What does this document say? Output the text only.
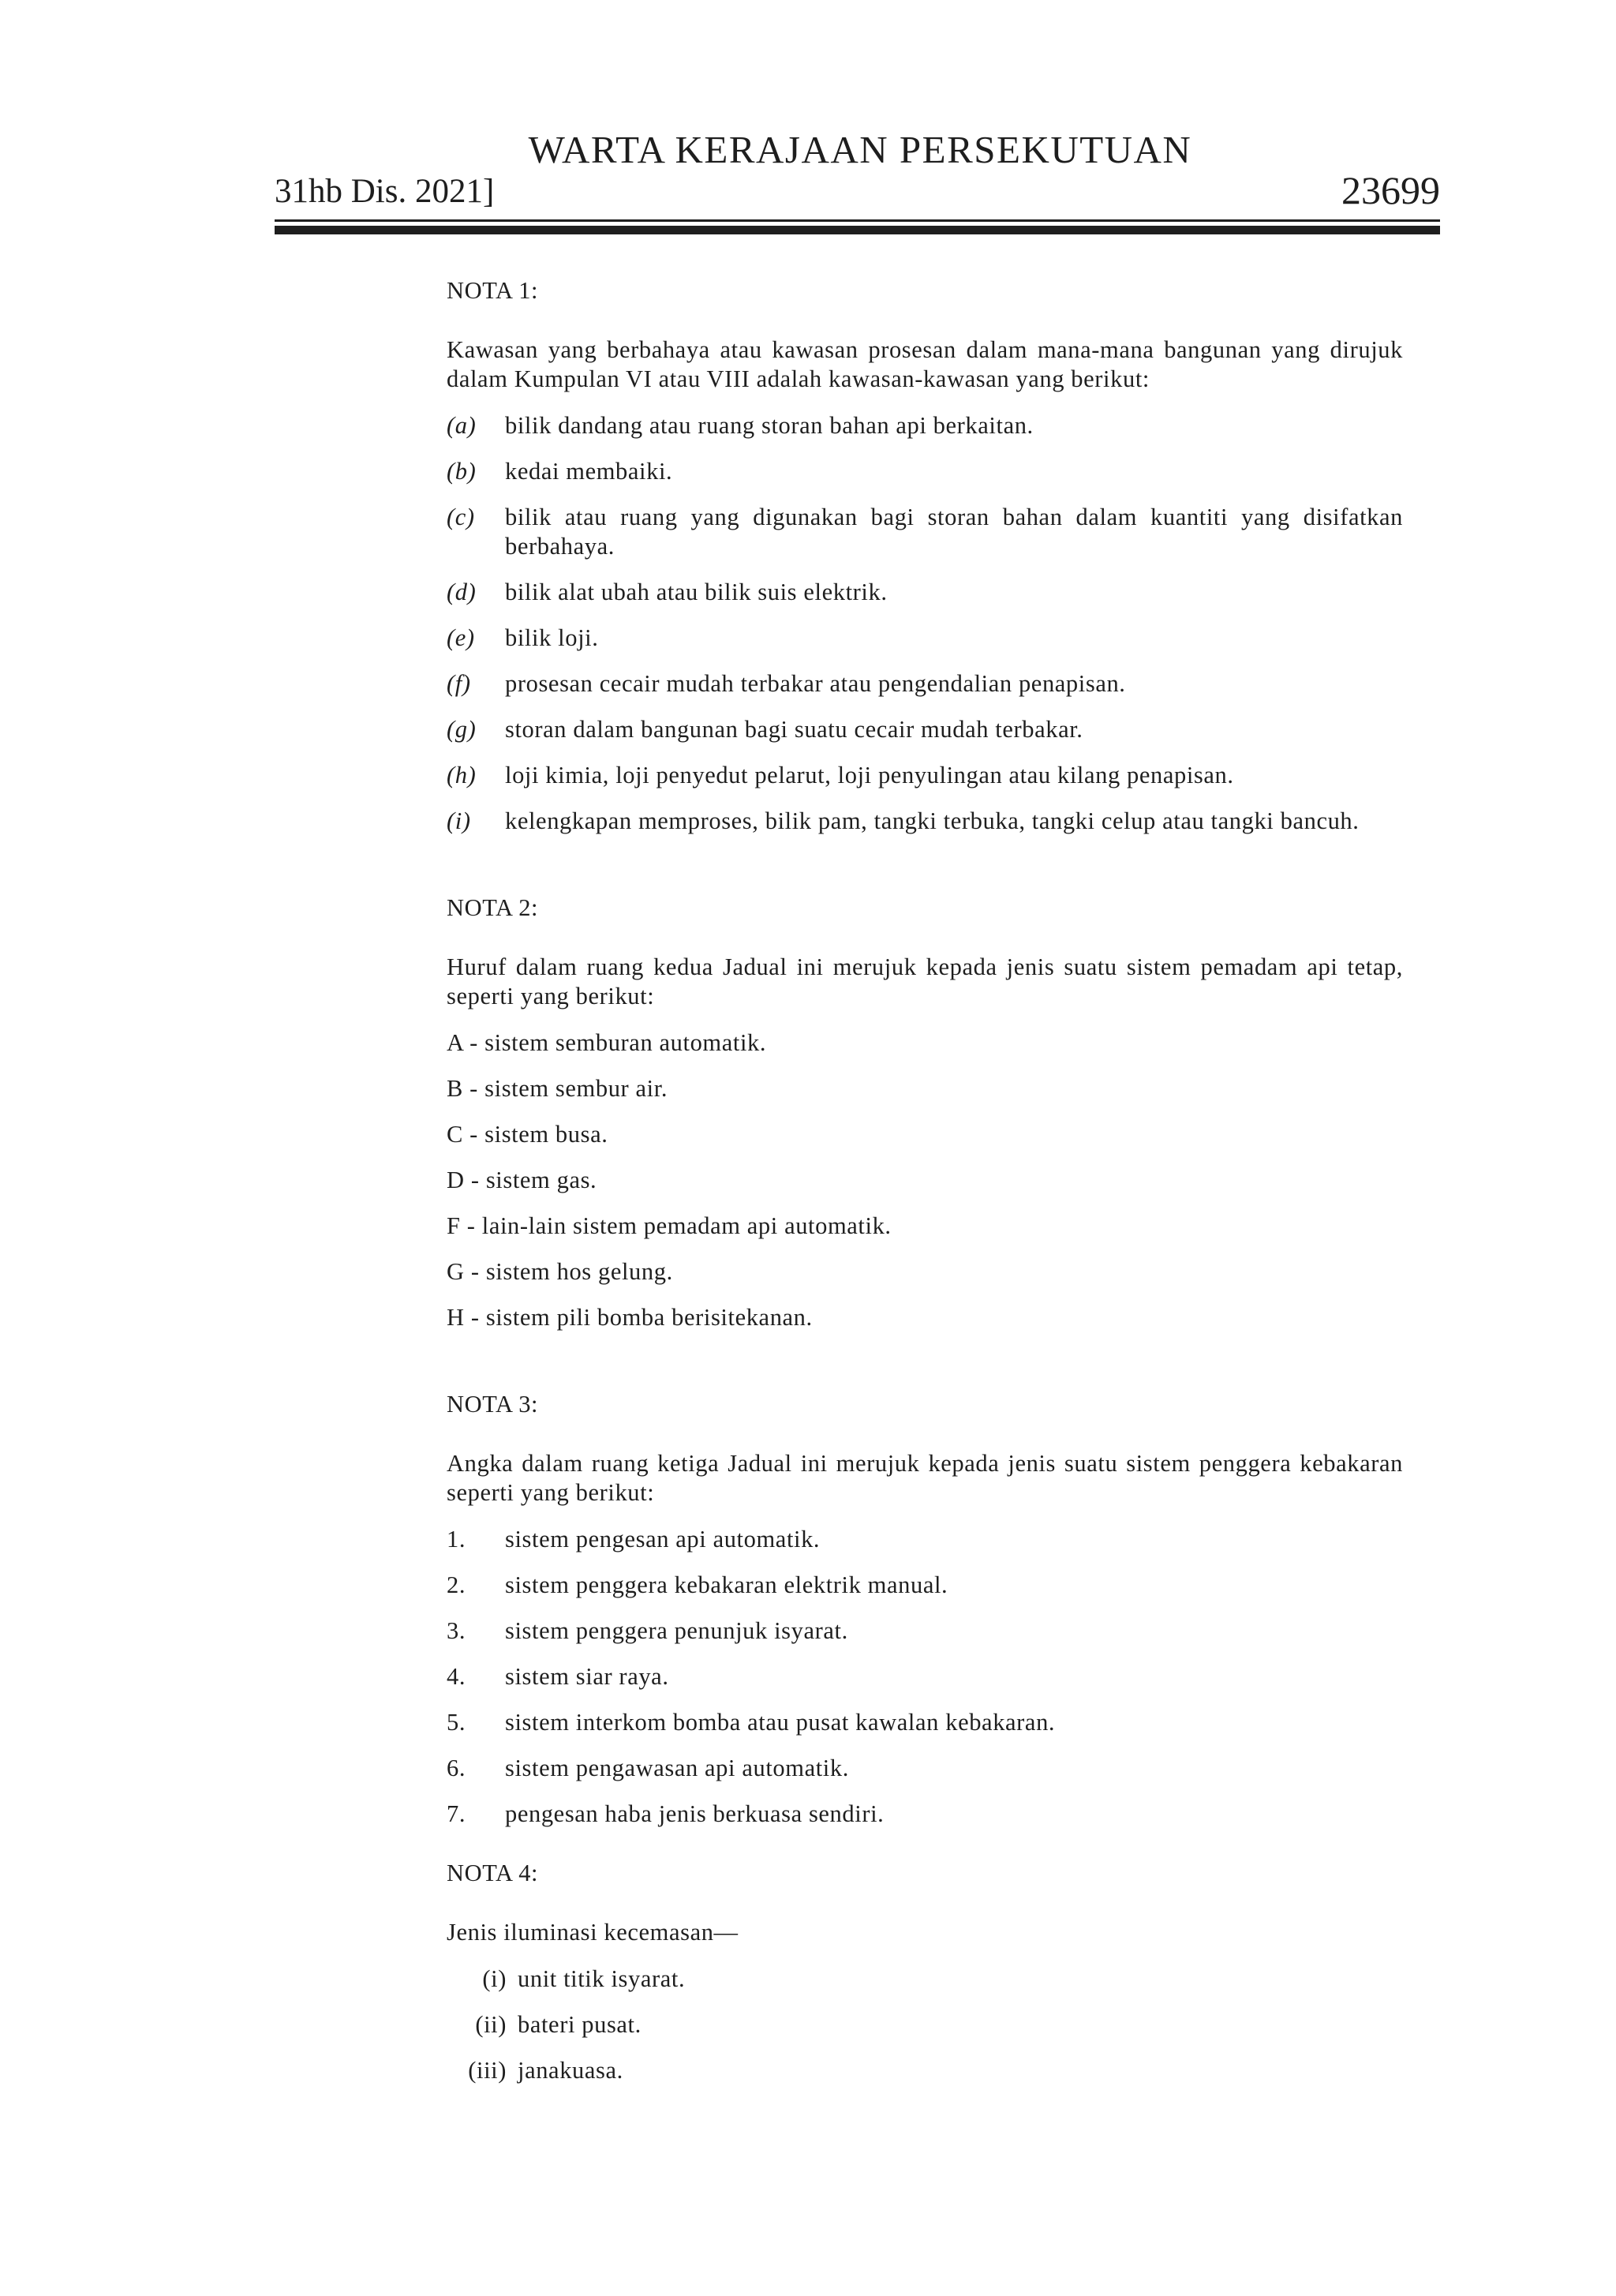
WARTA KERAJAAN PERSEKUTUAN
31hb Dis. 2021]	23699

NOTA 1:

Kawasan yang berbahaya atau kawasan prosesan dalam mana-mana bangunan yang dirujuk dalam Kumpulan VI atau VIII adalah kawasan-kawasan yang berikut:

(a)	bilik dandang atau ruang storan bahan api berkaitan.
(b)	kedai membaiki.
(c)	bilik atau ruang yang digunakan bagi storan bahan dalam kuantiti yang disifatkan berbahaya.
(d)	bilik alat ubah atau bilik suis elektrik.
(e)	bilik loji.
(f)	prosesan cecair mudah terbakar atau pengendalian penapisan.
(g)	storan dalam bangunan bagi suatu cecair mudah terbakar.
(h)	loji kimia, loji penyedut pelarut, loji penyulingan atau kilang penapisan.
(i)	kelengkapan memproses, bilik pam, tangki terbuka, tangki celup atau tangki bancuh.

NOTA 2:

Huruf dalam ruang kedua Jadual ini merujuk kepada jenis suatu sistem pemadam api tetap, seperti yang berikut:

A - sistem semburan automatik.

B - sistem sembur air.

C - sistem busa.

D - sistem gas.

F - lain-lain sistem pemadam api automatik.

G - sistem hos gelung.

H - sistem pili bomba berisitekanan.

NOTA 3:

Angka dalam ruang ketiga Jadual ini merujuk kepada jenis suatu sistem penggera kebakaran seperti yang berikut:

1.	sistem pengesan api automatik.
2.	sistem penggera kebakaran elektrik manual.
3.	sistem penggera penunjuk isyarat.
4.	sistem siar raya.
5.	sistem interkom bomba atau pusat kawalan kebakaran.
6.	sistem pengawasan api automatik.
7.	pengesan haba jenis berkuasa sendiri.

NOTA 4:

Jenis iluminasi kecemasan—

(i) unit titik isyarat.
(ii) bateri pusat.
(iii) janakuasa.
